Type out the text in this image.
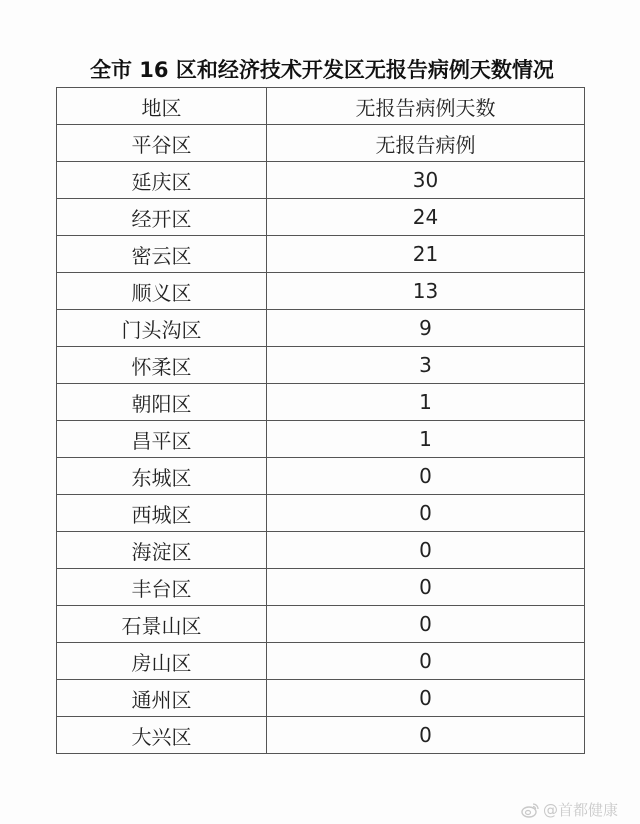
全市 16 区和经济技术开发区无报告病例天数情况
地区	无报告病例天数
平谷区	无报告病例
延庆区	30
经开区	24
密云区	21
顺义区	13
门头沟区	9
怀柔区	3
朝阳区	1
昌平区	1
东城区	0
西城区	0
海淀区	0
丰台区	0
石景山区	0
房山区	0
通州区	0
大兴区	0
@首都健康
